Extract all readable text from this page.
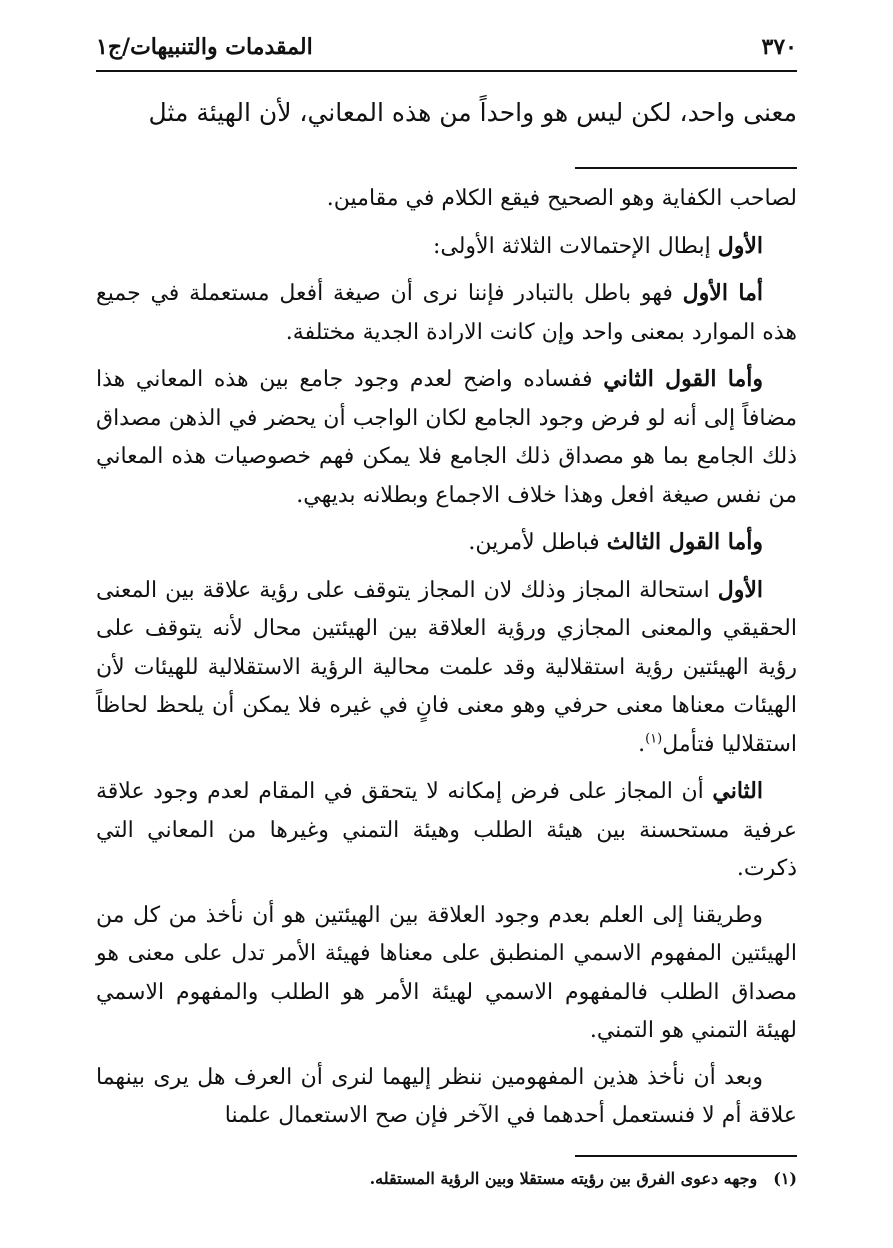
٣٧٠
المقدمات والتنبيهات/ج١
معنى واحد، لكن ليس هو واحداً من هذه المعاني، لأن الهيئة مثل

لصاحب الكفاية وهو الصحيح فيقع الكلام في مقامين.

الأول إبطال الإحتمالات الثلاثة الأولى:

أما الأول فهو باطل بالتبادر فإننا نرى أن صيغة أفعل مستعملة في جميع هذه الموارد بمعنى واحد وإن كانت الارادة الجدية مختلفة.

وأما القول الثاني ففساده واضح لعدم وجود جامع بين هذه المعاني هذا مضافاً إلى أنه لو فرض وجود الجامع لكان الواجب أن يحضر في الذهن مصداق ذلك الجامع بما هو مصداق ذلك الجامع فلا يمكن فهم خصوصيات هذه المعاني من نفس صيغة افعل وهذا خلاف الاجماع وبطلانه بديهي.

وأما القول الثالث فباطل لأمرين.

الأول استحالة المجاز وذلك لان المجاز يتوقف على رؤية علاقة بين المعنى الحقيقي والمعنى المجازي ورؤية العلاقة بين الهيئتين محال لأنه يتوقف على رؤية الهيئتين رؤية استقلالية وقد علمت محالية الرؤية الاستقلالية للهيئات لأن الهيئات معناها معنى حرفي وهو معنى فانٍ في غيره فلا يمكن أن يلحظ لحاظاً استقلاليا فتأمل$^{(١)}$.

الثاني أن المجاز على فرض إمكانه لا يتحقق في المقام لعدم وجود علاقة عرفية مستحسنة بين هيئة الطلب وهيئة التمني وغيرها من المعاني التي ذكرت.

وطريقنا إلى العلم بعدم وجود العلاقة بين الهيئتين هو أن نأخذ من كل من الهيئتين المفهوم الاسمي المنطبق على معناها فهيئة الأمر تدل على معنى هو مصداق الطلب فالمفهوم الاسمي لهيئة الأمر هو الطلب والمفهوم الاسمي لهيئة التمني هو التمني.

وبعد أن نأخذ هذين المفهومين ننظر إليهما لنرى أن العرف هل يرى بينهما علاقة أم لا فنستعمل أحدهما في الآخر فإن صح الاستعمال علمنا

(١)وجهه دعوى الفرق بين رؤيته مستقلا وبين الرؤية المستقله.
